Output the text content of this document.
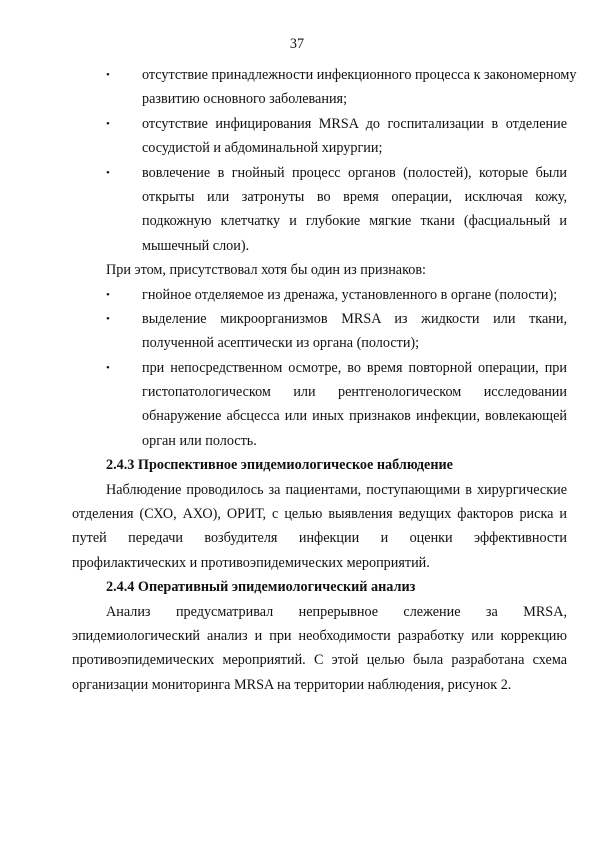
37
• отсутствие принадлежности инфекционного процесса к закономерному
развитию основного заболевания;
• отсутствие инфицирования MRSA до госпитализации в отделение
сосудистой и абдоминальной хирургии;
• вовлечение в гнойный процесс органов (полостей), которые были
открыты или затронуты во время операции, исключая кожу,
подкожную клетчатку и глубокие мягкие ткани (фасциальный и
мышечный слои).
При этом, присутствовал хотя бы один из признаков:
• гнойное отделяемое из дренажа, установленного в органе (полости);
• выделение микроорганизмов MRSA из жидкости или ткани,
полученной асептически из органа (полости);
• при непосредственном осмотре, во время повторной операции, при
гистопатологическом или рентгенологическом исследовании
обнаружение абсцесса или иных признаков инфекции, вовлекающей
орган или полость.
2.4.3 Проспективное эпидемиологическое наблюдение
Наблюдение проводилось за пациентами, поступающими в хирургические
отделения (СХО, АХО), ОРИТ, с целью выявления ведущих факторов риска и
путей передачи возбудителя инфекции и оценки эффективности
профилактических и противоэпидемических мероприятий.
2.4.4 Оперативный эпидемиологический анализ
Анализ предусматривал непрерывное слежение за MRSA,
эпидемиологический анализ и при необходимости разработку или коррекцию
противоэпидемических мероприятий. С этой целью была разработана схема
организации мониторинга MRSA на территории наблюдения, рисунок 2.
